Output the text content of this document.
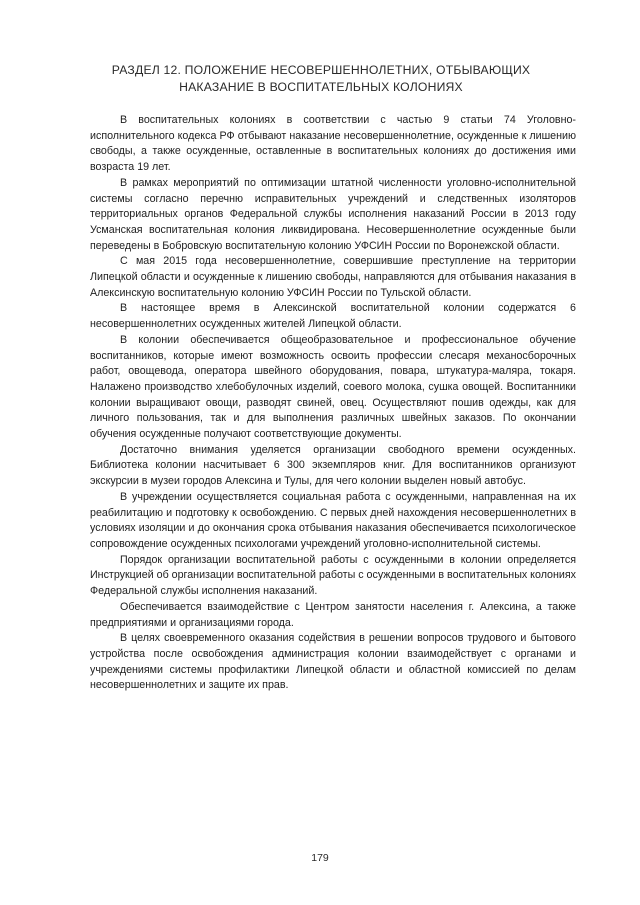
РАЗДЕЛ 12. ПОЛОЖЕНИЕ НЕСОВЕРШЕННОЛЕТНИХ, ОТБЫВАЮЩИХ
НАКАЗАНИЕ В ВОСПИТАТЕЛЬНЫХ КОЛОНИЯХ

В воспитательных колониях в соответствии с частью 9 статьи 74 Уголовно-исполнительного кодекса РФ отбывают наказание несовершеннолетние, осужденные к лишению свободы, а также осужденные, оставленные в воспитательных колониях до достижения ими возраста 19 лет.

В рамках мероприятий по оптимизации штатной численности уголовно-исполнительной системы согласно перечню исправительных учреждений и следственных изоляторов территориальных органов Федеральной службы исполнения наказаний России в 2013 году Усманская воспитательная колония ликвидирована. Несовершеннолетние осужденные были переведены в Бобровскую воспитательную колонию УФСИН России по Воронежской области.

С мая 2015 года несовершеннолетние, совершившие преступление на территории Липецкой области и осужденные к лишению свободы, направляются для отбывания наказания в Алексинскую воспитательную колонию УФСИН России по Тульской области.

В настоящее время в Алексинской воспитательной колонии содержатся 6 несовершеннолетних осужденных жителей Липецкой области.

В колонии обеспечивается общеобразовательное и профессиональное обучение воспитанников, которые имеют возможность освоить профессии слесаря механосборочных работ, овощевода, оператора швейного оборудования, повара, штукатура-маляра, токаря. Налажено производство хлебобулочных изделий, соевого молока, сушка овощей. Воспитанники колонии выращивают овощи, разводят свиней, овец. Осуществляют пошив одежды, как для личного пользования, так и для выполнения различных швейных заказов. По окончании обучения осужденные получают соответствующие документы.

Достаточно внимания уделяется организации свободного времени осужденных. Библиотека колонии насчитывает 6 300 экземпляров книг. Для воспитанников организуют экскурсии в музеи городов Алексина и Тулы, для чего колонии выделен новый автобус.

В учреждении осуществляется социальная работа с осужденными, направленная на их реабилитацию и подготовку к освобождению. С первых дней нахождения несовершеннолетних в условиях изоляции и до окончания срока отбывания наказания обеспечивается психологическое сопровождение осужденных психологами учреждений уголовно-исполнительной системы.

Порядок организации воспитательной работы с осужденными в колонии определяется Инструкцией об организации воспитательной работы с осужденными в воспитательных колониях Федеральной службы исполнения наказаний.

Обеспечивается взаимодействие с Центром занятости населения г. Алексина, а также предприятиями и организациями города.

В целях своевременного оказания содействия в решении вопросов трудового и бытового устройства после освобождения администрация колонии взаимодействует с органами и учреждениями системы профилактики Липецкой области и областной комиссией по делам несовершеннолетних и защите их прав.

179
